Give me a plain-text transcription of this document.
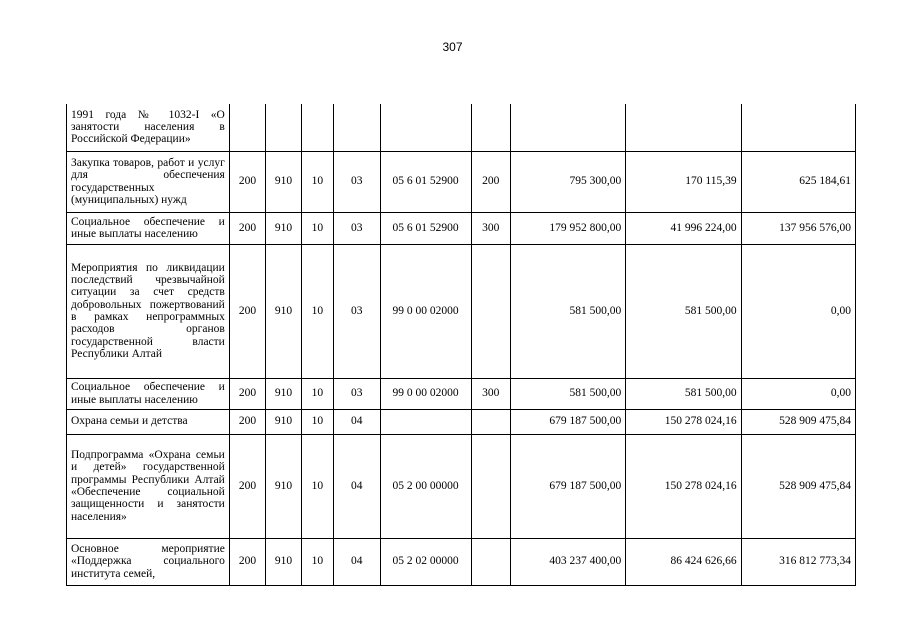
307
1991 года № 1032-I «О занятости населения в Российской Федерации»									
Закупка товаров, работ и услуг для обеспечения государственных (муниципальных) нужд	200	910	10	03	05 6 01 52900	200	795 300,00	170 115,39	625 184,61
Социальное обеспечение и иные выплаты населению	200	910	10	03	05 6 01 52900	300	179 952 800,00	41 996 224,00	137 956 576,00
Мероприятия по ликвидации последствий чрезвычайной ситуации за счет средств добровольных пожертвований в рамках непрограммных расходов органов государственной власти Республики Алтай	200	910	10	03	99 0 00 02000		581 500,00	581 500,00	0,00
Социальное обеспечение и иные выплаты населению	200	910	10	03	99 0 00 02000	300	581 500,00	581 500,00	0,00
Охрана семьи и детства	200	910	10	04			679 187 500,00	150 278 024,16	528 909 475,84
Подпрограмма «Охрана семьи и детей» государственной программы Республики Алтай «Обеспечение социальной защищенности и занятости населения»	200	910	10	04	05 2 00 00000		679 187 500,00	150 278 024,16	528 909 475,84
Основное мероприятие «Поддержка социального института семей,	200	910	10	04	05 2 02 00000		403 237 400,00	86 424 626,66	316 812 773,34
